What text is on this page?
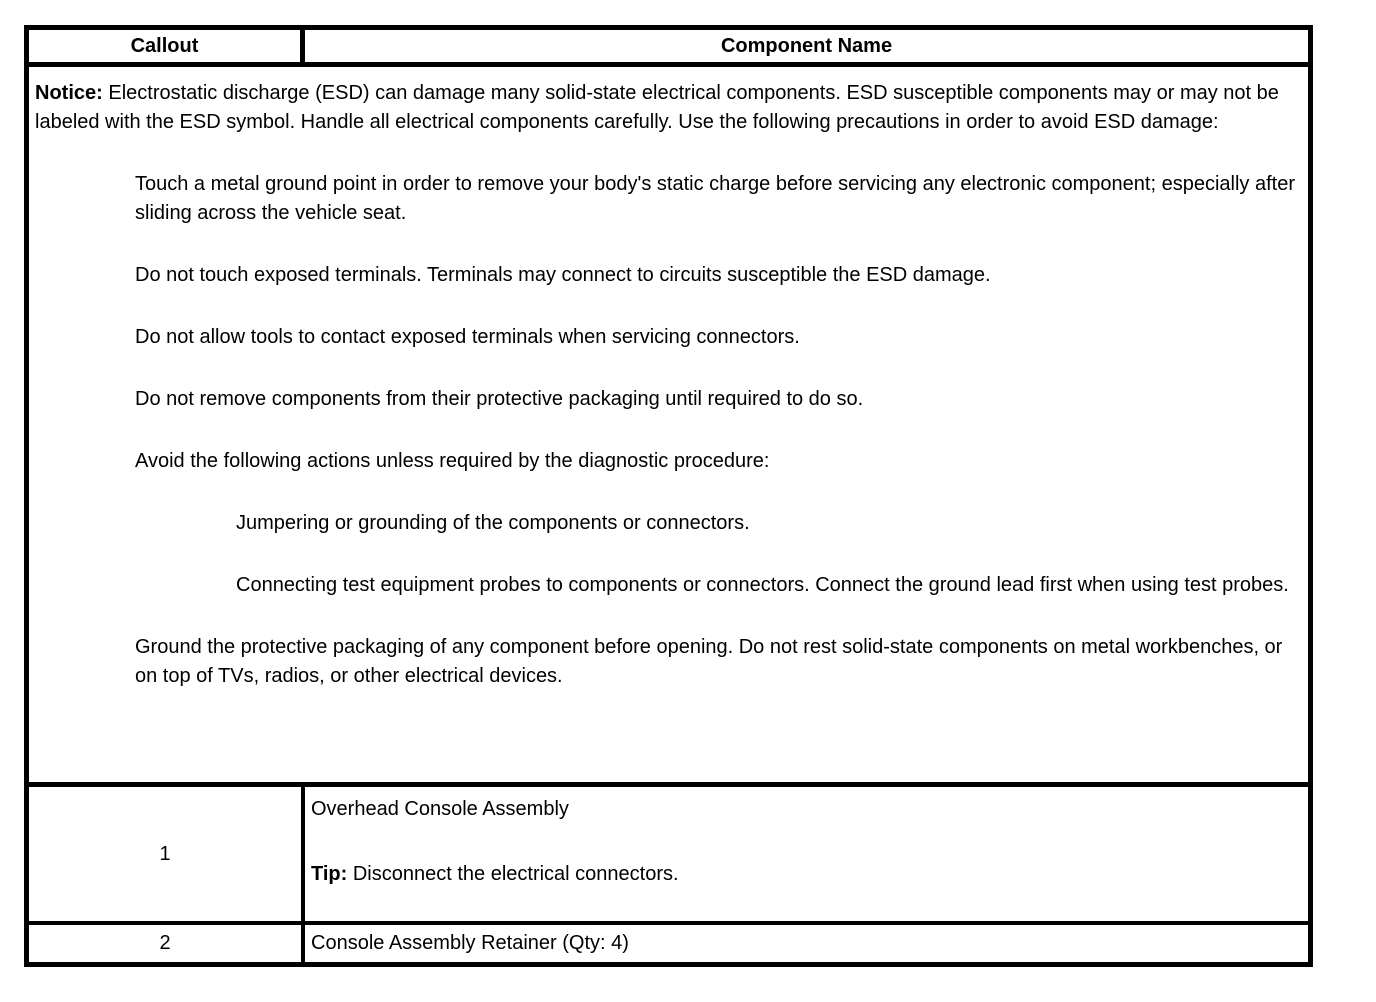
Callout	Component Name

Notice: Electrostatic discharge (ESD) can damage many solid-state electrical components. ESD susceptible components may or may not be labeled with the ESD symbol. Handle all electrical components carefully. Use the following precautions in order to avoid ESD damage:

Touch a metal ground point in order to remove your body's static charge before servicing any electronic component; especially after sliding across the vehicle seat.

Do not touch exposed terminals. Terminals may connect to circuits susceptible the ESD damage.

Do not allow tools to contact exposed terminals when servicing connectors.

Do not remove components from their protective packaging until required to do so.

Avoid the following actions unless required by the diagnostic procedure:

Jumpering or grounding of the components or connectors.

Connecting test equipment probes to components or connectors. Connect the ground lead first when using test probes.

Ground the protective packaging of any component before opening. Do not rest solid-state components on metal workbenches, or on top of TVs, radios, or other electrical devices.

1

Overhead Console Assembly

Tip: Disconnect the electrical connectors.

2	Console Assembly Retainer (Qty: 4)
